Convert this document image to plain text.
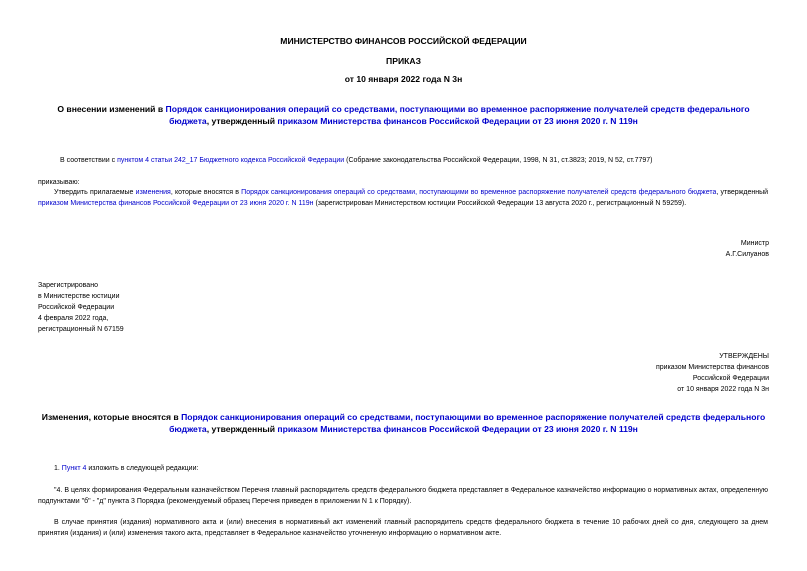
МИНИСТЕРСТВО ФИНАНСОВ РОССИЙСКОЙ ФЕДЕРАЦИИ

ПРИКАЗ

от 10 января 2022 года N 3н

О внесении изменений в Порядок санкционирования операций со средствами, поступающими во временное распоряжение получателей средств федерального бюджета, утвержденный приказом Министерства финансов Российской Федерации от 23 июня 2020 г. N 119н

В соответствии с пунктом 4 статьи 242_17 Бюджетного кодекса Российской Федерации (Собрание законодательства Российской Федерации, 1998, N 31, ст.3823; 2019, N 52, ст.7797)

приказываю:

Утвердить прилагаемые изменения, которые вносятся в Порядок санкционирования операций со средствами, поступающими во временное распоряжение получателей средств федерального бюджета, утвержденный приказом Министерства финансов Российской Федерации от 23 июня 2020 г. N 119н (зарегистрирован Министерством юстиции Российской Федерации 13 августа 2020 г., регистрационный N 59259).

Министр

А.Г.Силуанов

Зарегистрировано
в Министерстве юстиции
Российской Федерации
4 февраля 2022 года,
регистрационный N 67159
УТВЕРЖДЕНЫ
приказом Министерства финансов
Российской Федерации
от 10 января 2022 года N 3н

Изменения, которые вносятся в Порядок санкционирования операций со средствами, поступающими во временное распоряжение получателей средств федерального бюджета, утвержденный приказом Министерства финансов Российской Федерации от 23 июня 2020 г. N 119н

1. Пункт 4 изложить в следующей редакции:

"4. В целях формирования Федеральным казначейством Перечня главный распорядитель средств федерального бюджета представляет в Федеральное казначейство информацию о нормативных актах, определенную подпунктами "б" - "д" пункта 3 Порядка (рекомендуемый образец Перечня приведен в приложении N 1 к Порядку).

В случае принятия (издания) нормативного акта и (или) внесения в нормативный акт изменений главный распорядитель средств федерального бюджета в течение 10 рабочих дней со дня, следующего за днем принятия (издания) и (или) изменения такого акта, представляет в Федеральное казначейство уточненную информацию о нормативном акте.
